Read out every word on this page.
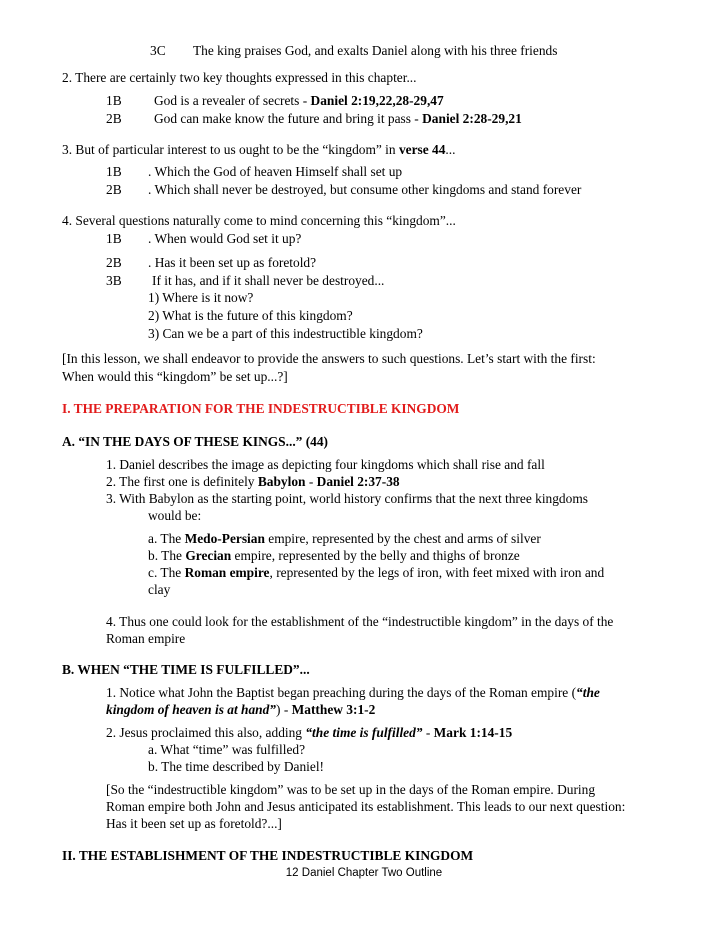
3C The king praises God, and exalts Daniel along with his three friends
2. There are certainly two key thoughts expressed in this chapter...
1B God is a revealer of secrets - Daniel 2:19,22,28-29,47
2B God can make know the future and bring it pass - Daniel 2:28-29,21
3. But of particular interest to us ought to be the “kingdom” in verse 44...
1B . Which the God of heaven Himself shall set up
2B . Which shall never be destroyed, but consume other kingdoms and stand forever
4. Several questions naturally come to mind concerning this “kingdom”...
1B . When would God set it up?
2B . Has it been set up as foretold?
3B If it has, and if it shall never be destroyed...
1) Where is it now?
2) What is the future of this kingdom?
3) Can we be a part of this indestructible kingdom?
[In this lesson, we shall endeavor to provide the answers to such questions. Let’s start with the first:
When would this “kingdom” be set up...?]
I. THE PREPARATION FOR THE INDESTRUCTIBLE KINGDOM
A. “IN THE DAYS OF THESE KINGS...” (44)
1. Daniel describes the image as depicting four kingdoms which shall rise and fall
2. The first one is definitely Babylon - Daniel 2:37-38
3. With Babylon as the starting point, world history confirms that the next three kingdoms
would be:
a. The Medo-Persian empire, represented by the chest and arms of silver
b. The Grecian empire, represented by the belly and thighs of bronze
c. The Roman empire, represented by the legs of iron, with feet mixed with iron and
clay
4. Thus one could look for the establishment of the “indestructible kingdom” in the days of the
Roman empire
B. WHEN “THE TIME IS FULFILLED”...
1. Notice what John the Baptist began preaching during the days of the Roman empire (“the
kingdom of heaven is at hand”) - Matthew 3:1-2
2. Jesus proclaimed this also, adding “the time is fulfilled” - Mark 1:14-15
a. What “time” was fulfilled?
b. The time described by Daniel!
[So the “indestructible kingdom” was to be set up in the days of the Roman empire. During
Roman empire both John and Jesus anticipated its establishment. This leads to our next question:
Has it been set up as foretold?...]
II. THE ESTABLISHMENT OF THE INDESTRUCTIBLE KINGDOM
12 Daniel Chapter Two Outline
